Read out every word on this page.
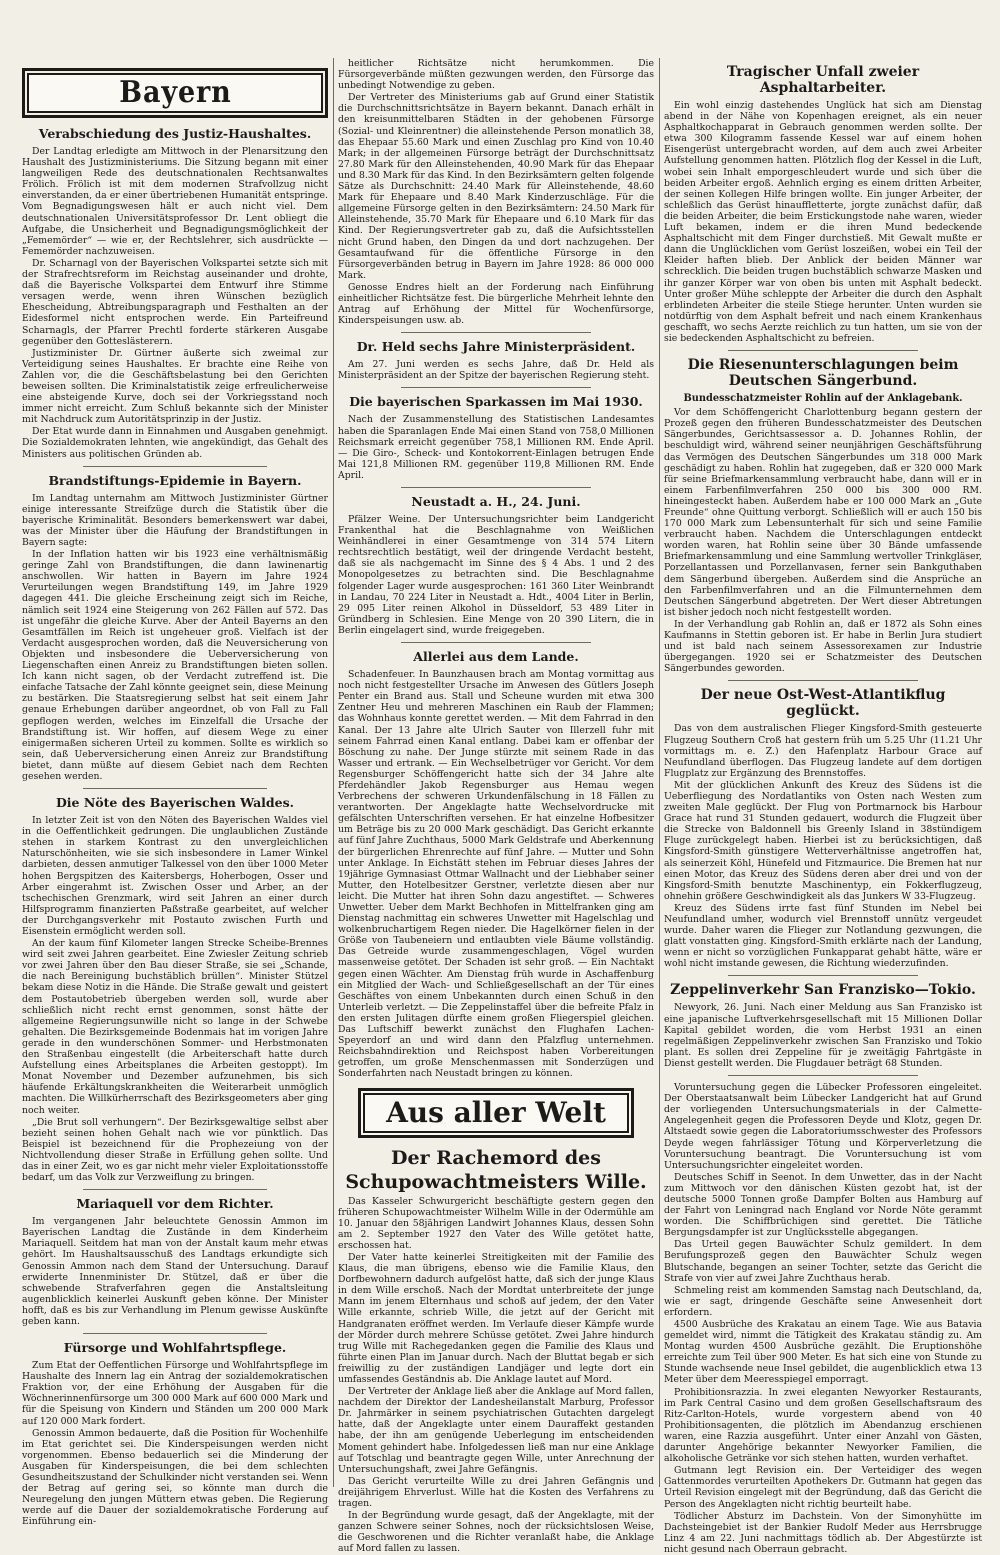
Bayern
Verabschiedung des Justiz-Haushaltes.

Der Landtag erledigte am Mittwoch in der Plenarsitzung den Haushalt des Justizministeriums. Die Sitzung begann mit einer langweiligen Rede des deutschnationalen Rechtsanwaltes Frölich. Frölich ist mit dem modernen Strafvollzug nicht einverstanden, da er einer übertriebenen Humanität entspringe. Vom Begnadigungswesen hält er auch nicht viel. Dem deutschnationalen Universitätsprofessor Dr. Lent obliegt die Aufgabe, die Unsicherheit und Begnadigungsmöglichkeit der „Fememörder“ — wie er, der Rechtslehrer, sich ausdrückte — Fememörder nachzuweisen.

Dr. Scharnagl von der Bayerischen Volkspartei setzte sich mit der Strafrechtsreform im Reichstag auseinander und drohte, daß die Bayerische Volkspartei dem Entwurf ihre Stimme versagen werde, wenn ihren Wünschen bezüglich Ehescheidung, Abtreibungsparagraph und Festhalten an der Eidesformel nicht entsprochen werde. Ein Parteifreund Scharnagls, der Pfarrer Prechtl forderte stärkeren Ausgabe gegenüber den Gotteslästerern.

Justizminister Dr. Gürtner äußerte sich zweimal zur Verteidigung seines Haushaltes. Er brachte eine Reihe von Zahlen vor, die die Geschäftsbelastung bei den Gerichten beweisen sollten. Die Kriminalstatistik zeige erfreulicherweise eine absteigende Kurve, doch sei der Vorkriegsstand noch immer nicht erreicht. Zum Schluß bekannte sich der Minister mit Nachdruck zum Autoritätsprinzip in der Justiz.

Der Etat wurde dann in Einnahmen und Ausgaben genehmigt. Die Sozialdemokraten lehnten, wie angekündigt, das Gehalt des Ministers aus politischen Gründen ab.

Brandstiftungs-Epidemie in Bayern.

Im Landtag unternahm am Mittwoch Justizminister Gürtner einige interessante Streifzüge durch die Statistik über die bayerische Kriminalität. Besonders bemerkenswert war dabei, was der Minister über die Häufung der Brandstiftungen in Bayern sagte:

In der Inflation hatten wir bis 1923 eine verhältnismäßig geringe Zahl von Brandstiftungen, die dann lawinenartig anschwollen. Wir hatten in Bayern im Jahre 1924 Verurteilungen wegen Brandstiftung 149, im Jahre 1929 dagegen 441. Die gleiche Erscheinung zeigt sich im Reiche, nämlich seit 1924 eine Steigerung von 262 Fällen auf 572. Das ist ungefähr die gleiche Kurve. Aber der Anteil Bayerns an den Gesamtfällen im Reich ist ungeheuer groß. Vielfach ist der Verdacht ausgesprochen worden, daß die Neuversicherung von Objekten und insbesondere die Ueberversicherung von Liegenschaften einen Anreiz zu Brandstiftungen bieten sollen. Ich kann nicht sagen, ob der Verdacht zutreffend ist. Die einfache Tatsache der Zahl könnte geeignet sein, diese Meinung zu bestärken. Die Staatsregierung selbst hat seit einem Jahr genaue Erhebungen darüber angeordnet, ob von Fall zu Fall gepflogen werden, welches im Einzelfall die Ursache der Brandstiftung ist. Wir hoffen, auf diesem Wege zu einer einigermaßen sicheren Urteil zu kommen. Sollte es wirklich so sein, daß Ueberversicherung einen Anreiz zur Brandstiftung bietet, dann müßte auf diesem Gebiet nach dem Rechten gesehen werden.

Die Nöte des Bayerischen Waldes.

In letzter Zeit ist von den Nöten des Bayerischen Waldes viel in die Oeffentlichkeit gedrungen. Die unglaublichen Zustände stehen in starkem Kontrast zu den unvergleichlichen Naturschönheiten, wie sie sich insbesondere in Lamer Winkel darbieten, dessen anmutiger Talkessel von den über 1000 Meter hohen Bergspitzen des Kaitersbergs, Hoherbogen, Osser und Arber eingerahmt ist. Zwischen Osser und Arber, an der tschechischen Grenzmark, wird seit Jahren an einer durch Hilfsprogramm finanzierten Paßstraße gearbeitet, auf welcher der Durchgangsverkehr mit Postauto zwischen Furth und Eisenstein ermöglicht werden soll.

An der kaum fünf Kilometer langen Strecke Scheibe-Brennes wird seit zwei Jahren gearbeitet. Eine Zwiesler Zeitung schrieb vor zwei Jahren über den Bau dieser Straße, sie sei „Schande, die nach Bereinigung buchstäblich brüllen“. Minister Stützel bekam diese Notiz in die Hände. Die Straße gewalt und geistert dem Postautobetrieb übergeben werden soll, wurde aber schließlich nicht recht ernst genommen, sonst hätte der allgemeine Regierungsunwille nicht so lange in der Schwebe gehalten. Die Bezirksgemeinde Bodenmais hat im vorigen Jahre gerade in den wunderschönen Sommer- und Herbstmonaten den Straßenbau eingestellt (die Arbeiterschaft hatte durch Aufstellung eines Arbeitsplanes die Arbeiten gestoppt). Im Monat November und Dezember aufzunehmen, bis sich häufende Erkältungskrankheiten die Weiterarbeit unmöglich machten. Die Willkürherrschaft des Bezirksgeometers aber ging noch weiter.

„Die Brut soll verhungern“. Der Bezirksgewaltige selbst aber bezieht seinen hohen Gehalt nach wie vor pünktlich. Das Beispiel ist bezeichnend für die Prophezeiung von der Nichtvollendung dieser Straße in Erfüllung gehen sollte. Und das in einer Zeit, wo es gar nicht mehr vieler Exploitationsstoffe bedarf, um das Volk zur Verzweiflung zu bringen.

Mariaquell vor dem Richter.

Im vergangenen Jahr beleuchtete Genossin Ammon im Bayerischen Landtag die Zustände in dem Kinderheim Mariaquell. Seitdem hat man von der Anstalt kaum mehr etwas gehört. Im Haushaltsausschuß des Landtags erkundigte sich Genossin Ammon nach dem Stand der Untersuchung. Darauf erwiderte Innenminister Dr. Stützel, daß er über die schwebende Strafverfahren gegen die Anstaltsleitung augenblicklich keinerlei Auskunft geben könne. Der Minister hofft, daß es bis zur Verhandlung im Plenum gewisse Auskünfte geben kann.

Fürsorge und Wohlfahrtspflege.

Zum Etat der Oeffentlichen Fürsorge und Wohlfahrtspflege im Haushalte des Innern lag ein Antrag der sozialdemokratischen Fraktion vor, der eine Erhöhung der Ausgaben für die Wöchnerinnenfürsorge um 300 000 Mark auf 600 000 Mark und für die Speisung von Kindern und Ständen um 200 000 Mark auf 120 000 Mark fordert.

Genossin Ammon bedauerte, daß die Position für Wochenhilfe im Etat gerichtet sei. Die Kinderspeisungen werden nicht vorgenommen. Ebenso bedauerlich sei die Minderung der Ausgaben für Kinderspeisungen, die bei dem schlechten Gesundheitszustand der Schulkinder nicht verstanden sei. Wenn der Betrag auf gering sei, so könnte man durch die Neuregelung den jungen Müttern etwas geben. Die Regierung werde auf die Dauer der sozialdemokratische Forderung auf Einführung ein-

heitlicher Richtsätze nicht herumkommen. Die Fürsorgeverbände müßten gezwungen werden, den Fürsorge das unbedingt Notwendige zu geben.

Der Vertreter des Ministeriums gab auf Grund einer Statistik die Durchschnittsrichtsätze in Bayern bekannt. Danach erhält in den kreisunmittelbaren Städten in der gehobenen Fürsorge (Sozial- und Kleinrentner) die alleinstehende Person monatlich 38, das Ehepaar 55.60 Mark und einen Zuschlag pro Kind von 10.40 Mark; in der allgemeinen Fürsorge beträgt der Durchschnittsatz 27.80 Mark für den Alleinstehenden, 40.90 Mark für das Ehepaar und 8.30 Mark für das Kind. In den Bezirksämtern gelten folgende Sätze als Durchschnitt: 24.40 Mark für Alleinstehende, 48.60 Mark für Ehepaare und 8.40 Mark Kinderzuschläge. Für die allgemeine Fürsorge gelten in den Bezirksämtern: 24.50 Mark für Alleinstehende, 35.70 Mark für Ehepaare und 6.10 Mark für das Kind. Der Regierungsvertreter gab zu, daß die Aufsichtsstellen nicht Grund haben, den Dingen da und dort nachzugehen. Der Gesamtaufwand für die öffentliche Fürsorge in den Fürsorgeverbänden betrug in Bayern im Jahre 1928: 86 000 000 Mark.

Genosse Endres hielt an der Forderung nach Einführung einheitlicher Richtsätze fest. Die bürgerliche Mehrheit lehnte den Antrag auf Erhöhung der Mittel für Wochenfürsorge, Kinderspeisungen usw. ab.

Dr. Held sechs Jahre Ministerpräsident.

Am 27. Juni werden es sechs Jahre, daß Dr. Held als Ministerpräsident an der Spitze der bayerischen Regierung steht.

Die bayerischen Sparkassen im Mai 1930.

Nach der Zusammenstellung des Statistischen Landesamtes haben die Sparanlagen Ende Mai einen Stand von 758,0 Millionen Reichsmark erreicht gegenüber 758,1 Millionen RM. Ende April. — Die Giro-, Scheck- und Kontokorrent-Einlagen betrugen Ende Mai 121,8 Millionen RM. gegenüber 119,8 Millionen RM. Ende April.

Neustadt a. H., 24. Juni.

Pfälzer Weine. Der Untersuchungsrichter beim Landgericht Frankenthal hat die Beschlagnahme von Weißlichen Weinhändlerei in einer Gesamtmenge von 314 574 Litern rechtsrechtlich bestätigt, weil der dringende Verdacht besteht, daß sie als nachgemacht im Sinne des § 4 Abs. 1 und 2 des Monopolgesetzes zu betrachten sind. Die Beschlagnahme folgender Lager wurde ausgesprochen: 161 360 Liter Weinbrandt in Landau, 70 224 Liter in Neustadt a. Hdt., 4004 Liter in Berlin, 29 095 Liter reinen Alkohol in Düsseldorf, 53 489 Liter in Gründberg in Schlesien. Eine Menge von 20 390 Litern, die in Berlin eingelagert sind, wurde freigegeben.

Allerlei aus dem Lande.

Schadenfeuer. In Baunzhausen brach am Montag vormittag aus noch nicht festgestellter Ursache im Anwesen des Gütlers Joseph Penter ein Brand aus. Stall und Scheune wurden mit etwa 300 Zentner Heu und mehreren Maschinen ein Raub der Flammen; das Wohnhaus konnte gerettet werden. — Mit dem Fahrrad in den Kanal. Der 13 Jahre alte Ulrich Sauter von Illerzell fuhr mit seinem Fahrrad einen Kanal entlang. Dabei kam er offenbar der Böschung zu nahe. Der Junge stürzte mit seinem Rade in das Wasser und ertrank. — Ein Wechselbetrüger vor Gericht. Vor dem Regensburger Schöffengericht hatte sich der 34 Jahre alte Pferdehändler Jakob Regensburger aus Hemau wegen Verbrechens der schweren Urkundenfälschung in 18 Fällen zu verantworten. Der Angeklagte hatte Wechselvordrucke mit gefälschten Unterschriften versehen. Er hat einzelne Hofbesitzer um Beträge bis zu 20 000 Mark geschädigt. Das Gericht erkannte auf fünf Jahre Zuchthaus, 5000 Mark Geldstrafe und Aberkennung der bürgerlichen Ehrenrechte auf fünf Jahre. — Mutter und Sohn unter Anklage. In Eichstätt stehen im Februar dieses Jahres der 19jährige Gymnasiast Ottmar Wallnacht und der Liebhaber seiner Mutter, den Hotelbesitzer Gerstner, verletzte diesen aber nur leicht. Die Mutter hat ihren Sohn dazu angestiftet. — Schweres Unwetter. Ueber dem Markt Bechhofen in Mittelfranken ging am Dienstag nachmittag ein schweres Unwetter mit Hagelschlag und wolkenbruchartigem Regen nieder. Die Hagelkörner fielen in der Größe von Taubeneiern und entlaubten viele Bäume vollständig. Das Getreide wurde zusammengeschlagen, Vögel wurden massenweise getötet. Der Schaden ist sehr groß. — Ein Nachtakt gegen einen Wächter. Am Dienstag früh wurde in Aschaffenburg ein Mitglied der Wach- und Schließgesellschaft an der Tür eines Geschäftes von einem Unbekannten durch einen Schuß in den Unterleib verletzt. — Die Zeppelinstaffel über die befreite Pfalz in den ersten Julitagen dürfte einem großen Fliegerspiel gleichen. Das Luftschiff bewerkt zunächst den Flughafen Lachen-Speyerdorf an und wird dann den Pfalzflug unternehmen. Reichsbahndirektion und Reichspost haben Vorbereitungen getroffen, um große Menschenmassen mit Sonderzügen und Sonderfahrten nach Neustadt bringen zu können.

Aus aller Welt
Der Rachemord des Schupowachtmeisters Wille.

Das Kasseler Schwurgericht beschäftigte gestern gegen den früheren Schupowachtmeister Wilhelm Wille in der Odermühle am 10. Januar den 58jährigen Landwirt Johannes Klaus, dessen Sohn am 2. September 1927 den Vater des Wille getötet hatte, erschossen hat.

Der Vater hatte keinerlei Streitigkeiten mit der Familie des Klaus, die man übrigens, ebenso wie die Familie Klaus, den Dorfbewohnern dadurch aufgelöst hatte, daß sich der junge Klaus in dem Wille erschoß. Nach der Mordtat unterbreitete der junge Mann im jenem Elternhaus und schoß auf jedem, der den Vater Wille erkannte, schrieb Wille, die jetzt auf der Gericht mit Handgranaten eröffnet werden. Im Verlaufe dieser Kämpfe wurde der Mörder durch mehrere Schüsse getötet. Zwei Jahre hindurch trug Wille mit Rachegedanken gegen die Familie des Klaus und führte einen Plan im Januar durch. Nach der Bluttat begab er sich freiwillig zu der zuständigen Landjäger und legte dort ein umfassendes Geständnis ab. Die Anklage lautet auf Mord.

Der Vertreter der Anklage ließ aber die Anklage auf Mord fallen, nachdem der Direktor der Landesheilanstalt Marburg, Professor Dr. Jahrmärker in seinem psychiatrischen Gutachten dargelegt hatte, daß der Angeklagte unter einem Dauraffekt gestanden habe, der ihn am genügende Ueberlegung im entscheidenden Moment gehindert habe. Infolgedessen ließ man nur eine Anklage auf Totschlag und beantragte gegen Wille, unter Anrechnung der Untersuchungshaft, zwei Jahre Gefängnis.

Das Gericht verurteilte Wille zu drei Jahren Gefängnis und dreijährigem Ehrverlust. Wille hat die Kosten des Verfahrens zu tragen.

In der Begründung wurde gesagt, daß der Angeklagte, mit der ganzen Schwere seiner Sohnes, noch der rücksichtslosen Weise, die Geschworenen und die Richter veranlaßt habe, die Anklage auf Mord fallen zu lassen.

Tragischer Unfall zweier Asphaltarbeiter.

Ein wohl einzig dastehendes Unglück hat sich am Dienstag abend in der Nähe von Kopenhagen ereignet, als ein neuer Asphaltkochapparat in Gebrauch genommen werden sollte. Der etwa 300 Kilogramm fassende Kessel war auf einem hohen Eisengerüst untergebracht worden, auf dem auch zwei Arbeiter Aufstellung genommen hatten. Plötzlich flog der Kessel in die Luft, wobei sein Inhalt emporgeschleudert wurde und sich über die beiden Arbeiter ergoß. Aehnlich erging es einem dritten Arbeiter, der seinen Kollegen Hilfe bringen wollte. Ein junger Arbeiter, der schleßlich das Gerüst hinauffletterte, jorgte zunächst dafür, daß die beiden Arbeiter, die beim Erstickungstode nahe waren, wieder Luft bekamen, indem er die ihren Mund bedeckende Asphaltschicht mit dem Finger durchstieß. Mit Gewalt mußte er dann die Unglücklichen vom Gerüst loszeißen, wobei ein Teil der Kleider haften blieb. Der Anblick der beiden Männer war schrecklich. Die beiden trugen buchstäblich schwarze Masken und ihr ganzer Körper war von oben bis unten mit Asphalt bedeckt. Unter großer Mühe schleppte der Arbeiter die durch den Asphalt erblindeten Arbeiter die steile Stiege herunter. Unten wurden sie notdürftig von dem Asphalt befreit und nach einem Krankenhaus geschafft, wo sechs Aerzte reichlich zu tun hatten, um sie von der sie bedeckenden Asphaltschicht zu befreien.

Die Riesenunterschlagungen beim Deutschen Sängerbund.
Bundesschatzmeister Rohlin auf der Anklagebank.

Vor dem Schöffengericht Charlottenburg begann gestern der Prozeß gegen den früheren Bundesschatzmeister des Deutschen Sängerbundes, Gerichtsassessor a. D. Johannes Rohlin, der beschuldigt wird, während seiner neunjährigen Geschäftsführung das Vermögen des Deutschen Sängerbundes um 318 000 Mark geschädigt zu haben. Rohlin hat zugegeben, daß er 320 000 Mark für seine Briefmarkensammlung verbraucht habe, dann will er in einem Farbenfilmverfahren 250 000 bis 300 000 RM. hineingesteckt haben. Außerdem habe er 100 000 Mark an „Gute Freunde“ ohne Quittung verborgt. Schließlich will er auch 150 bis 170 000 Mark zum Lebensunterhalt für sich und seine Familie verbraucht haben. Nachdem die Unterschlagungen entdeckt worden waren, hat Rohlin seine über 30 Bände umfassende Briefmarkensammlung und eine Sammlung wertvoller Trinkgläser, Porzellantassen und Porzellanvasen, ferner sein Bankguthaben dem Sängerbund übergeben. Außerdem sind die Ansprüche an den Farbenfilmverfahren und an die Filmunternehmen dem Deutschen Sängerbund abgetreten. Der Wert dieser Abtretungen ist bisher jedoch noch nicht festgestellt worden.

In der Verhandlung gab Rohlin an, daß er 1872 als Sohn eines Kaufmanns in Stettin geboren ist. Er habe in Berlin Jura studiert und ist bald nach seinem Assessorexamen zur Industrie übergegangen. 1920 sei er Schatzmeister des Deutschen Sängerbundes geworden.

Der neue Ost-West-Atlantikflug geglückt.

Das von dem australischen Flieger Kingsford-Smith gesteuerte Flugzeug Southern Croß hat gestern früh um 5.25 Uhr (11.21 Uhr vormittags m. e. Z.) den Hafenplatz Harbour Grace auf Neufundland überflogen. Das Flugzeug landete auf dem dortigen Flugplatz zur Ergänzung des Brennstoffes.

Mit der glücklichen Ankunft des Kreuz des Südens ist die Ueberfliegung des Nordatlantiks von Osten nach Westen zum zweiten Male geglückt. Der Flug von Portmarnock bis Harbour Grace hat rund 31 Stunden gedauert, wodurch die Flugzeit über die Strecke von Baldonnell bis Greenly Island in 38stündigem Fluge zurückgelegt haben. Hierbei ist zu berücksichtigen, daß Kingsford-Smith günstigere Wetterverhältnisse angetroffen hat, als seinerzeit Köhl, Hünefeld und Fitzmaurice. Die Bremen hat nur einen Motor, das Kreuz des Südens deren aber drei und von der Kingsford-Smith benutzte Maschinentyp, ein Fokkerflugzeug, ohnehin größere Geschwindigkeit als das Junkers W 33-Flugzeug.

Kreuz des Südens irrte fast fünf Stunden im Nebel bei Neufundland umher, wodurch viel Brennstoff unnütz vergeudet wurde. Daher waren die Flieger zur Notlandung gezwungen, die glatt vonstatten ging. Kingsford-Smith erklärte nach der Landung, wenn er nicht so vorzüglichen Funkapparat gehabt hätte, wäre er wohl nicht imstande gewesen, die Richtung wiederzufinden.

Zeppelinverkehr San Franzisko—Tokio.

Newyork, 26. Juni. Nach einer Meldung aus San Franzisko ist eine japanische Luftverkehrsgesellschaft mit 15 Millionen Dollar Kapital gebildet worden, die vom Herbst 1931 an einen regelmäßigen Zeppelinverkehr zwischen San Franzisko und Tokio plant. Es sollen drei Zeppeline für je zweitägig Fahrtgäste in Dienst gestellt werden. Die Flugdauer beträgt 68 Stunden.

Voruntersuchung gegen die Lübecker Professoren eingeleitet. Der Oberstaatsanwalt beim Lübecker Landgericht hat auf Grund der vorliegenden Untersuchungsmaterials in der Calmette-Angelegenheit gegen die Professoren Deyde und Klotz, gegen Dr. Altstaedt sowie gegen die Laboratoriumsschwester des Professors Deyde wegen fahrlässiger Tötung und Körperverletzung die Voruntersuchung beantragt. Die Voruntersuchung ist vom Untersuchungsrichter eingeleitet worden.

Deutsches Schiff in Seenot. In dem Unwetter, das in der Nacht zum Mittwoch vor den dänischen Küsten gezobt hat, ist der deutsche 5000 Tonnen große Dampfer Bolten aus Hamburg auf der Fahrt von Leningrad nach England vor Norde Nöte gerammt worden. Die Schiffbrüchigen sind gerettet. Die Tätliche Bergungsdampfer ist zur Unglücksstelle abgegangen.

Das Urteil gegen Bauwächter Schulz gemildert. In dem Berufungsprozeß gegen den Bauwächter Schulz wegen Blutschande, begangen an seiner Tochter, setzte das Gericht die Strafe von vier auf zwei Jahre Zuchthaus herab.

Schmeling reist am kommenden Samstag nach Deutschland, da, wie er sagt, dringende Geschäfte seine Anwesenheit dort erfordern.

4500 Ausbrüche des Krakatau an einem Tage. Wie aus Batavia gemeldet wird, nimmt die Tätigkeit des Krakatau ständig zu. Am Montag wurden 4500 Ausbrüche gezählt. Die Eruptionshöhe erreichte zum Teil über 900 Meter. Es hat sich eine von Stunde zu Stunde wachsende neue Insel gebildet, die augenblicklich etwa 13 Meter über dem Meeresspiegel emporragt.

Prohibitionsrazzia. In zwei eleganten Newyorker Restaurants, im Park Central Casino und dem großen Gesellschaftsraum des Ritz-Carlton-Hotels, wurde vorgestern abend von 40 Prohibitionsagenten, die plötzlich im Abendanzug erschienen waren, eine Razzia ausgeführt. Unter einer Anzahl von Gästen, darunter Angehörige bekannter Newyorker Familien, die alkoholische Getränke vor sich stehen hatten, wurden verhaftet.

Gutmann legt Revision ein. Der Verteidiger des wegen Gattenmordes verurteilten Apothekers Dr. Gutmann hat gegen das Urteil Revision eingelegt mit der Begründung, daß das Gericht die Person des Angeklagten nicht richtig beurteilt habe.

Tödlicher Absturz im Dachstein. Von der Simonyhütte im Dachsteingebiet ist der Bankier Rudolf Meder aus Herrsbrugge Linz 4 am 22. Juni nachmittags tödlich ab. Der Abgestürzte ist nicht gesund nach Oberraun gebracht.
